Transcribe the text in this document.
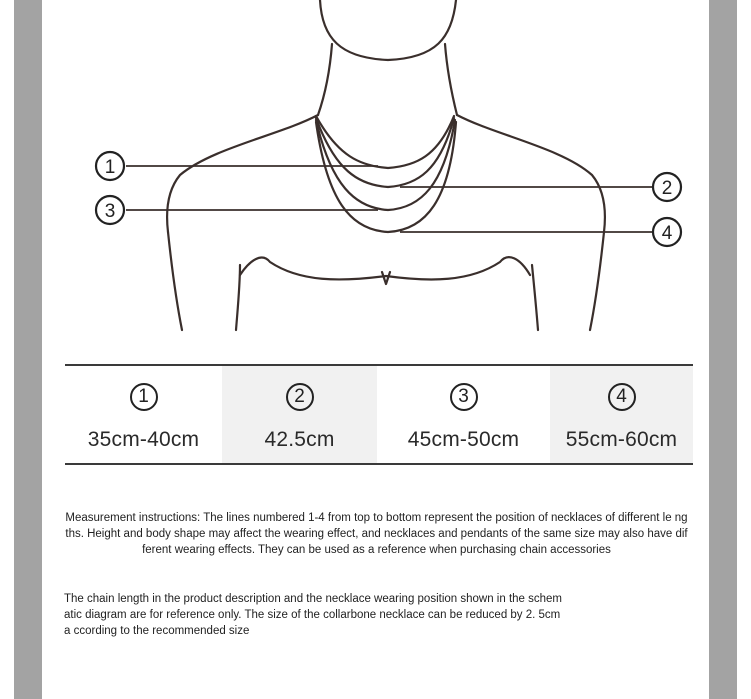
1
2
3
4
1
35cm-40cm
2
42.5cm
3
45cm-50cm
4
55cm-60cm
Measurement instructions: The lines numbered 1-4 from top to bottom represent the position of necklaces of different le ngths. Height and body shape may affect the wearing effect, and necklaces and pendants of the same size may also have different wearing effects. They can be used as a reference when purchasing chain accessories
The chain length in the product description and the necklace wearing position shown in the schem atic diagram are for reference only. The size of the collarbone necklace can be reduced by 2. 5cm a ccording to the recommended size
